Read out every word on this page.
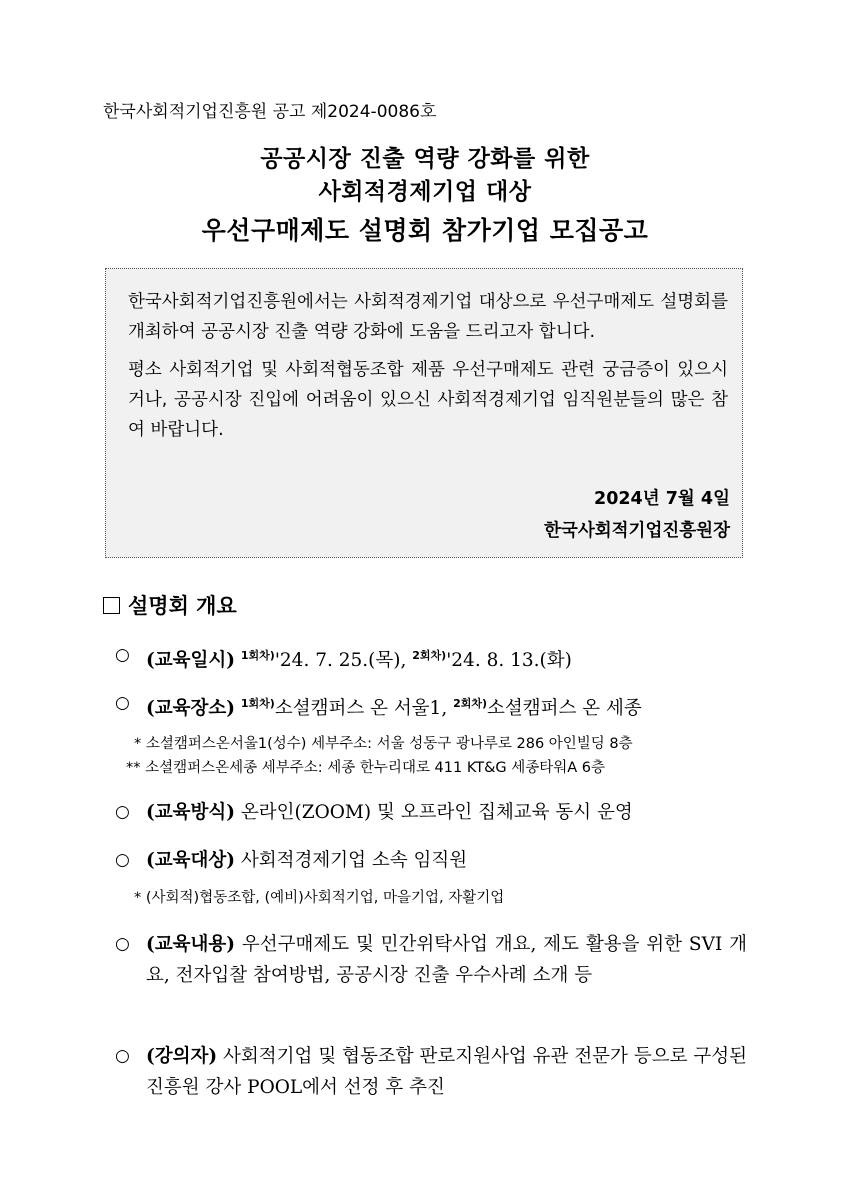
한국사회적기업진흥원 공고 제2024-0086호
공공시장 진출 역량 강화를 위한
사회적경제기업 대상
우선구매제도 설명회 참가기업 모집공고

한국사회적기업진흥원에서는 사회적경제기업 대상으로 우선구매제도 설명회를 개최하여 공공시장 진출 역량 강화에 도움을 드리고자 합니다.

평소 사회적기업 및 사회적협동조합 제품 우선구매제도 관련 궁금증이 있으시거나, 공공시장 진입에 어려움이 있으신 사회적경제기업 임직원분들의 많은 참여 바랍니다.

2024년 7월 4일
한국사회적기업진흥원장
설명회 개요
○ (교육일시) $^{1회차)}$'24. 7. 25.(목), $^{2회차)}$'24. 8. 13.(화)
○ (교육장소) $^{1회차)}$소셜캠퍼스 온 서울1, $^{2회차)}$소셜캠퍼스 온 세종
* 소셜캠퍼스온서울1(성수) 세부주소: 서울 성동구 광나루로 286 아인빌딩 8층
** 소셜캠퍼스온세종 세부주소: 세종 한누리대로 411 KT&G 세종타워A 6층
○ (교육방식) 온라인(ZOOM) 및 오프라인 집체교육 동시 운영
○ (교육대상) 사회적경제기업 소속 임직원
* (사회적)협동조합, (예비)사회적기업, 마을기업, 자활기업
○ (교육내용) 우선구매제도 및 민간위탁사업 개요, 제도 활용을 위한 SVI 개요, 전자입찰 참여방법, 공공시장 진출 우수사례 소개 등
○ (강의자) 사회적기업 및 협동조합 판로지원사업 유관 전문가 등으로 구성된 진흥원 강사 POOL에서 선정 후 추진
